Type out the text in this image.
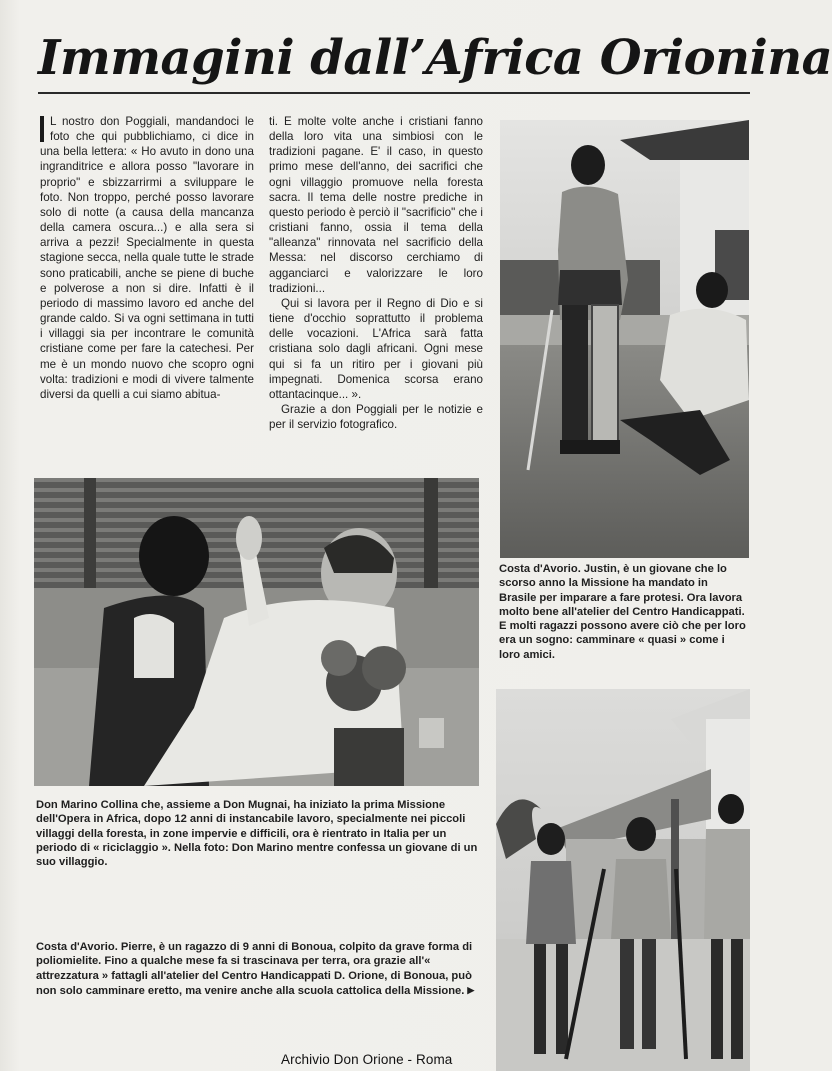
Immagini dall’Africa Orionina

L nostro don Poggiali, mandandoci le foto che qui pubblichiamo, ci dice in una bella lettera: « Ho avuto in dono una ingranditrice e allora posso "lavorare in proprio" e sbizzarrirmi a sviluppare le foto. Non troppo, perché posso lavorare solo di notte (a causa della mancanza della camera oscura...) e alla sera si arriva a pezzi! Specialmente in questa stagione secca, nella quale tutte le strade sono praticabili, anche se piene di buche e polverose a non si dire. Infatti è il periodo di massimo lavoro ed anche del grande caldo. Si va ogni settimana in tutti i villaggi sia per incontrare le comunità cristiane come per fare la catechesi. Per me è un mondo nuovo che scopro ogni volta: tradizioni e modi di vivere talmente diversi da quelli a cui siamo abitua-

ti. E molte volte anche i cristiani fanno della loro vita una simbiosi con le tradizioni pagane. E' il caso, in questo primo mese dell'anno, dei sacrifici che ogni villaggio promuove nella foresta sacra. Il tema delle nostre prediche in questo periodo è perciò il "sacrificio" che i cristiani fanno, ossia il tema della "alleanza" rinnovata nel sacrificio della Messa: nel discorso cerchiamo di agganciarci e valorizzare le loro tradizioni...

Qui si lavora per il Regno di Dio e si tiene d'occhio soprattutto il problema delle vocazioni. L'Africa sarà fatta cristiana solo dagli africani. Ogni mese qui si fa un ritiro per i giovani più impegnati. Domenica scorsa erano ottantacinque... ».

Grazie a don Poggiali per le notizie e per il servizio fotografico.

Costa d'Avorio. Justin, è un giovane che lo scorso anno la Missione ha mandato in Brasile per imparare a fare protesi. Ora lavora molto bene all'atelier del Centro Handicappati. E molti ragazzi possono avere ciò che per loro era un sogno: camminare « quasi » come i loro amici.

Don Marino Collina che, assieme a Don Mugnai, ha iniziato la prima Missione dell'Opera in Africa, dopo 12 anni di instancabile lavoro, specialmente nei piccoli villaggi della foresta, in zone impervie e difficili, ora è rientrato in Italia per un periodo di « riciclaggio ». Nella foto: Don Marino mentre confessa un giovane di un suo villaggio.

Costa d'Avorio. Pierre, è un ragazzo di 9 anni di Bonoua, colpito da grave forma di poliomielite. Fino a qualche mese fa si trascinava per terra, ora grazie all'« attrezzatura » fattagli all'atelier del Centro Handicappati D. Orione, di Bonoua, può non solo camminare eretto, ma venire anche alla scuola cattolica della Missione. ▶

Archivio Don Orione - Roma
